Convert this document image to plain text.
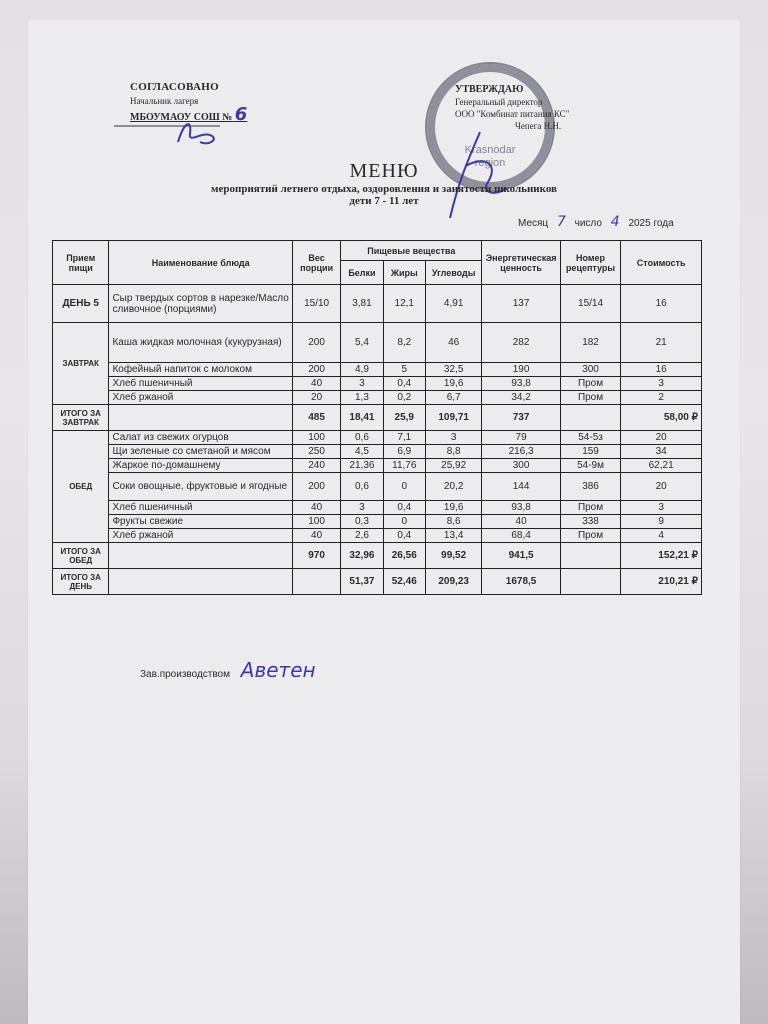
СОГЛАСОВАНО
Начальник лагеря
МБОУМАОУ СОШ № 6
Krasnodar
region
УТВЕРЖДАЮ
Генеральный директор
ООО "Комбинат питания КС"
Чепега Н.Н.
МЕНЮ
мероприятий летнего отдыха, оздоровления и занятости школьников
дети 7 - 11 лет
Месяц 7 число 4 2025 года
Прием пищи	Наименование блюда	Вес порции	Пищевые вещества			Энергетическая ценность	Номер рецептуры	Стоимость
			Белки	Жиры	Углеводы			
ДЕНЬ 5	Сыр твердых сортов в нарезке/Масло сливочное (порциями)	15/10	3,81	12,1	4,91	137	15/14	16
ЗАВТРАК	Каша жидкая молочная (кукурузная)	200	5,4	8,2	46	282	182	21
	Кофейный напиток с молоком	200	4,9	5	32,5	190	300	16
	Хлеб пшеничный	40	3	0,4	19,6	93,8	Пром	3
	Хлеб ржаной	20	1,3	0,2	6,7	34,2	Пром	2
ИТОГО ЗА ЗАВТРАК		485	18,41	25,9	109,71	737		58,00 ₽
ОБЕД	Салат из свежих огурцов	100	0,6	7,1	3	79	54-5з	20
	Щи зеленые со сметаной и мясом	250	4,5	6,9	8,8	216,3	159	34
	Жаркое по-домашнему	240	21,36	11,76	25,92	300	54-9м	62,21
	Соки овощные, фруктовые и ягодные	200	0,6	0	20,2	144	386	20
	Хлеб пшеничный	40	3	0,4	19,6	93,8	Пром	3
	Фрукты свежие	100	0,3	0	8,6	40	338	9
	Хлеб ржаной	40	2,6	0,4	13,4	68,4	Пром	4
ИТОГО ЗА ОБЕД		970	32,96	26,56	99,52	941,5		152,21 ₽
ИТОГО ЗА ДЕНЬ			51,37	52,46	209,23	1678,5		210,21 ₽
Зав.производством Аветен
